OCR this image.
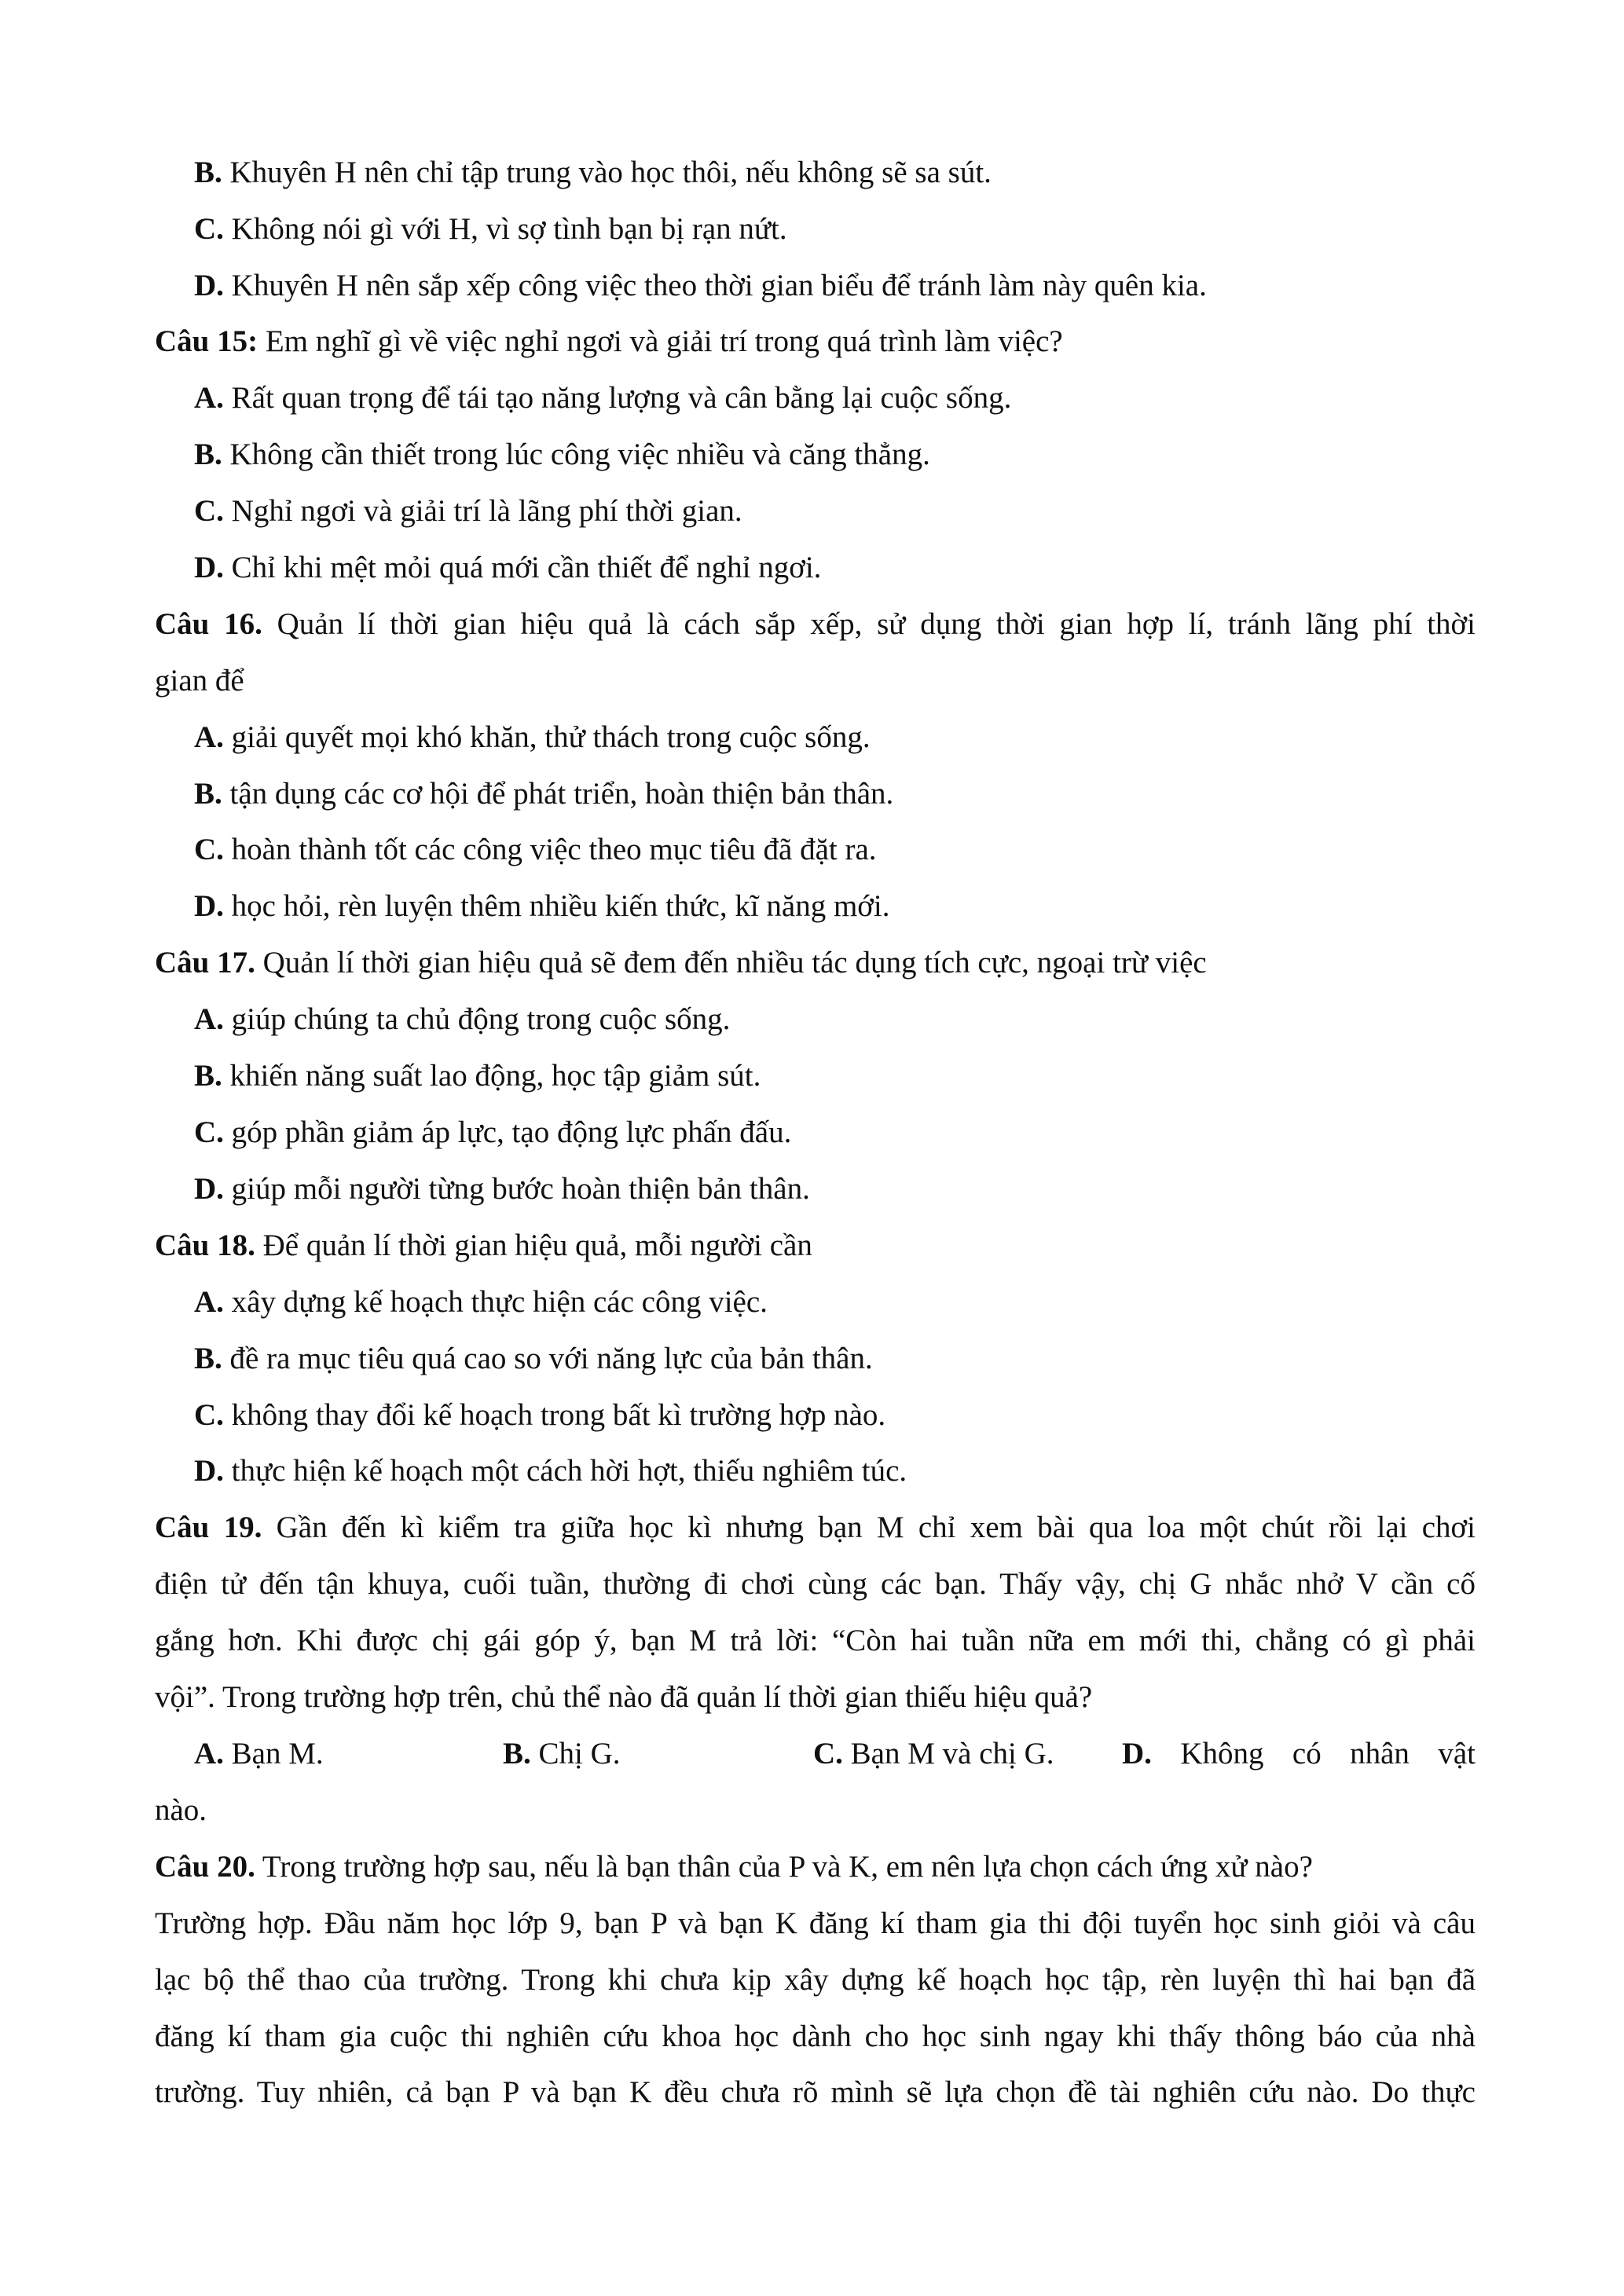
B. Khuyên H nên chỉ tập trung vào học thôi, nếu không sẽ sa sút.
C. Không nói gì với H, vì sợ tình bạn bị rạn nứt.
D. Khuyên H nên sắp xếp công việc theo thời gian biểu để tránh làm này quên kia.
Câu 15: Em nghĩ gì về việc nghỉ ngơi và giải trí trong quá trình làm việc?
A. Rất quan trọng để tái tạo năng lượng và cân bằng lại cuộc sống.
B. Không cần thiết trong lúc công việc nhiều và căng thẳng.
C. Nghỉ ngơi và giải trí là lãng phí thời gian.
D. Chỉ khi mệt mỏi quá mới cần thiết để nghỉ ngơi.
Câu 16. Quản lí thời gian hiệu quả là cách sắp xếp, sử dụng thời gian hợp lí, tránh lãng phí thời
gian để
A. giải quyết mọi khó khăn, thử thách trong cuộc sống.
B. tận dụng các cơ hội để phát triển, hoàn thiện bản thân.
C. hoàn thành tốt các công việc theo mục tiêu đã đặt ra.
D. học hỏi, rèn luyện thêm nhiều kiến thức, kĩ năng mới.
Câu 17. Quản lí thời gian hiệu quả sẽ đem đến nhiều tác dụng tích cực, ngoại trừ việc
A. giúp chúng ta chủ động trong cuộc sống.
B. khiến năng suất lao động, học tập giảm sút.
C. góp phần giảm áp lực, tạo động lực phấn đấu.
D. giúp mỗi người từng bước hoàn thiện bản thân.
Câu 18. Để quản lí thời gian hiệu quả, mỗi người cần
A. xây dựng kế hoạch thực hiện các công việc.
B. đề ra mục tiêu quá cao so với năng lực của bản thân.
C. không thay đổi kế hoạch trong bất kì trường hợp nào.
D. thực hiện kế hoạch một cách hời hợt, thiếu nghiêm túc.
Câu 19. Gần đến kì kiểm tra giữa học kì nhưng bạn M chỉ xem bài qua loa một chút rồi lại chơi
điện tử đến tận khuya, cuối tuần, thường đi chơi cùng các bạn. Thấy vậy, chị G nhắc nhở V cần cố
gắng hơn. Khi được chị gái góp ý, bạn M trả lời: “Còn hai tuần nữa em mới thi, chẳng có gì phải
vội”. Trong trường hợp trên, chủ thể nào đã quản lí thời gian thiếu hiệu quả?
A. Bạn M.	B. Chị G.	C. Bạn M và chị G. D. Không có nhân vật
nào.
Câu 20. Trong trường hợp sau, nếu là bạn thân của P và K, em nên lựa chọn cách ứng xử nào?
Trường hợp. Đầu năm học lớp 9, bạn P và bạn K đăng kí tham gia thi đội tuyển học sinh giỏi và câu
lạc bộ thể thao của trường. Trong khi chưa kịp xây dựng kế hoạch học tập, rèn luyện thì hai bạn đã
đăng kí tham gia cuộc thi nghiên cứu khoa học dành cho học sinh ngay khi thấy thông báo của nhà
trường. Tuy nhiên, cả bạn P và bạn K đều chưa rõ mình sẽ lựa chọn đề tài nghiên cứu nào. Do thực
